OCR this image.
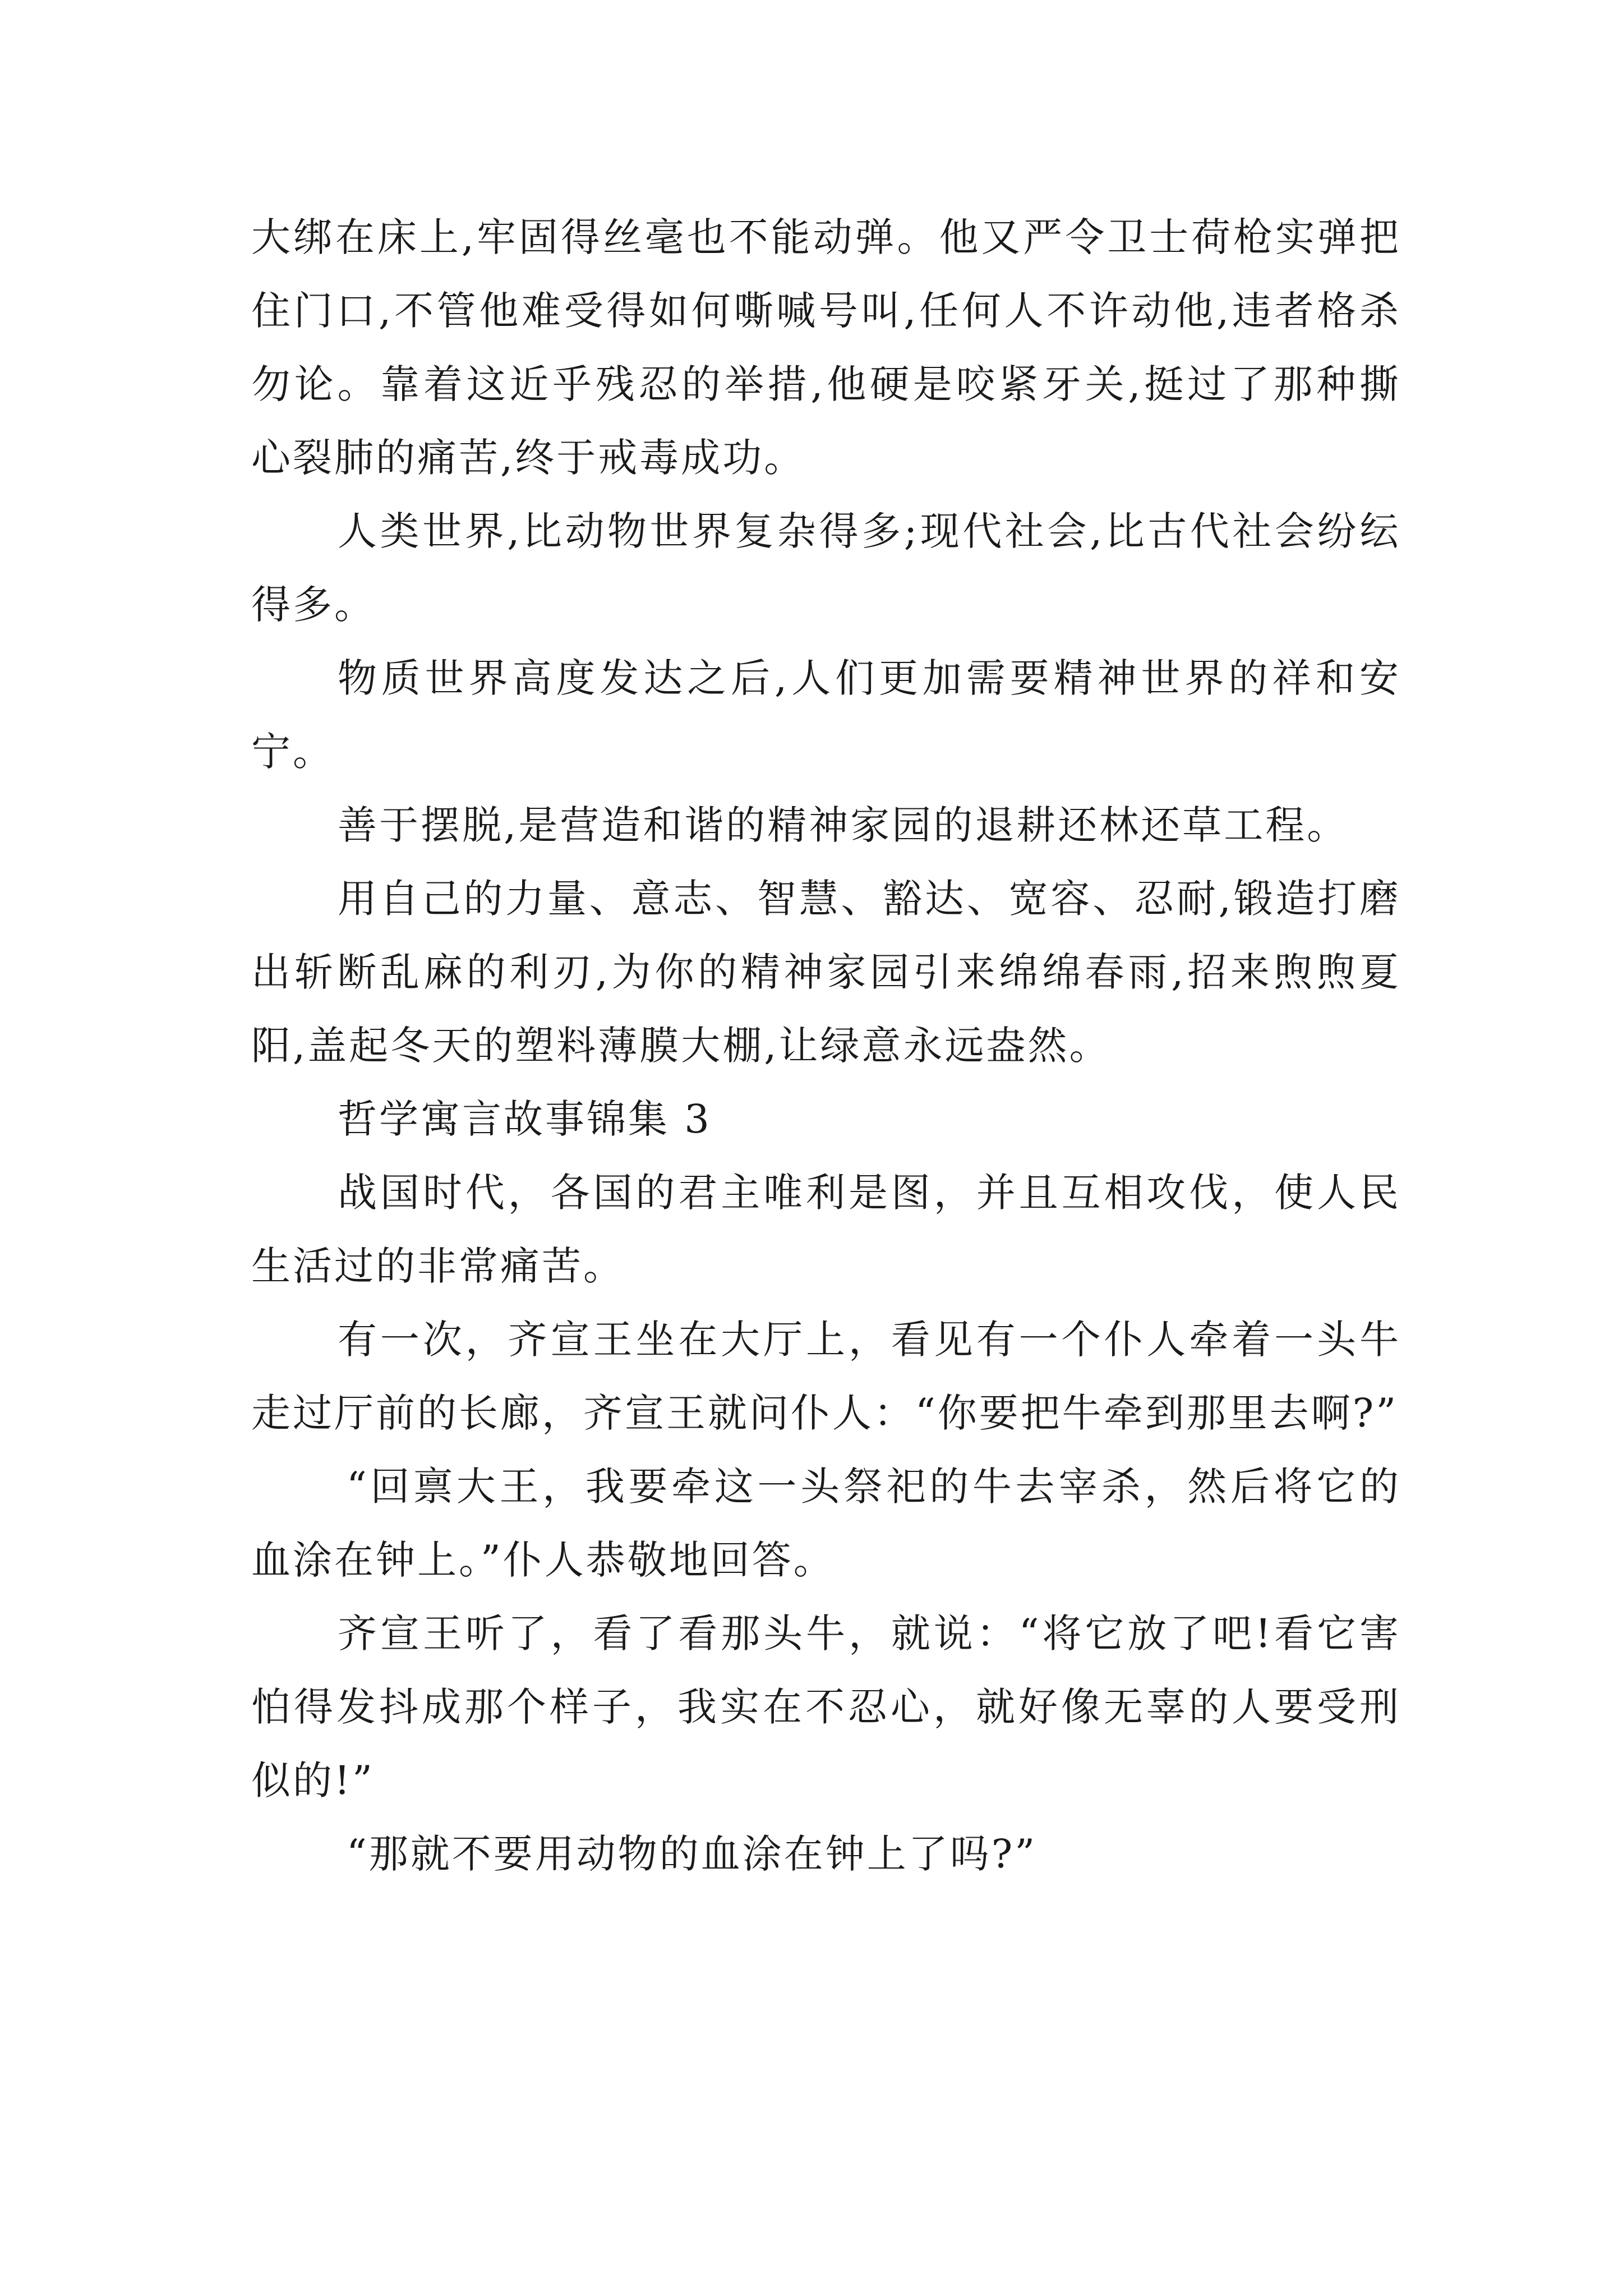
大绑在床上,牢固得丝毫也不能动弹。他又严令卫士荷枪实弹把住门口,不管他难受得如何嘶喊号叫,任何人不许动他,违者格杀勿论。靠着这近乎残忍的举措,他硬是咬紧牙关,挺过了那种撕心裂肺的痛苦,终于戒毒成功。

人类世界,比动物世界复杂得多;现代社会,比古代社会纷纭得多。

物质世界高度发达之后,人们更加需要精神世界的祥和安宁。

善于摆脱,是营造和谐的精神家园的退耕还林还草工程。

用自己的力量、意志、智慧、豁达、宽容、忍耐,锻造打磨出斩断乱麻的利刃,为你的精神家园引来绵绵春雨,招来煦煦夏阳,盖起冬天的塑料薄膜大棚,让绿意永远盎然。

哲学寓言故事锦集 3

战国时代，各国的君主唯利是图，并且互相攻伐，使人民生活过的非常痛苦。

有一次，齐宣王坐在大厅上，看见有一个仆人牵着一头牛走过厅前的长廊，齐宣王就问仆人：“你要把牛牵到那里去啊?”

“回禀大王，我要牵这一头祭祀的牛去宰杀，然后将它的血涂在钟上。”仆人恭敬地回答。

齐宣王听了，看了看那头牛，就说：“将它放了吧!看它害怕得发抖成那个样子，我实在不忍心，就好像无辜的人要受刑似的!”

“那就不要用动物的血涂在钟上了吗?”
